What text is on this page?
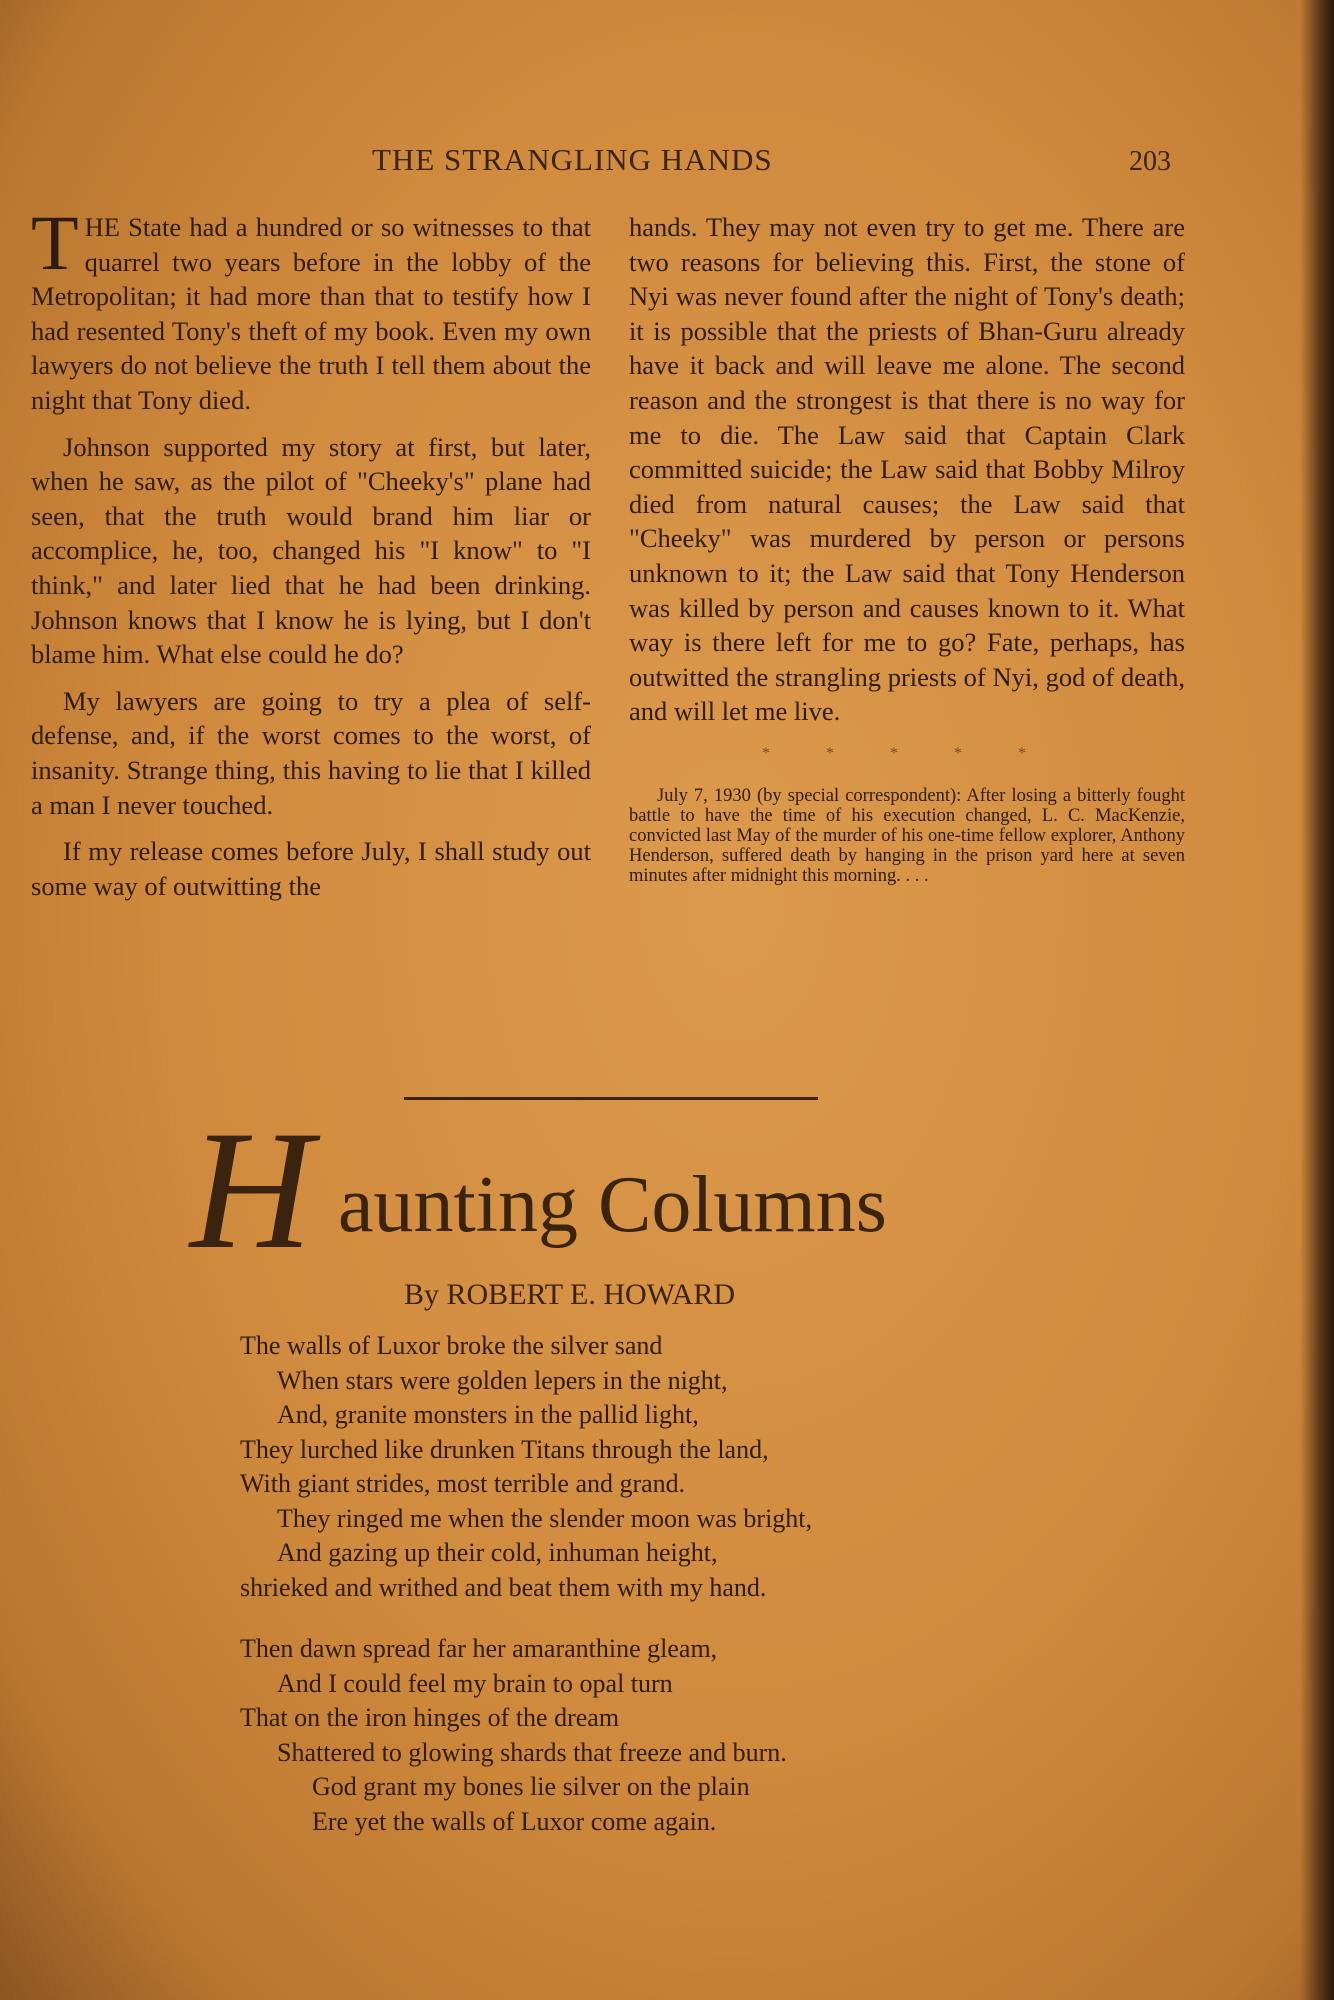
THE STRANGLING HANDS	203

THE State had a hundred or so witnesses to that quarrel two years before in the lobby of the Metropolitan; it had more than that to testify how I had resented Tony's theft of my book. Even my own lawyers do not believe the truth I tell them about the night that Tony died.

Johnson supported my story at first, but later, when he saw, as the pilot of "Cheeky's" plane had seen, that the truth would brand him liar or accomplice, he, too, changed his "I know" to "I think," and later lied that he had been drinking. Johnson knows that I know he is lying, but I don't blame him. What else could he do?

My lawyers are going to try a plea of self-defense, and, if the worst comes to the worst, of insanity. Strange thing, this having to lie that I killed a man I never touched.

If my release comes before July, I shall study out some way of outwitting the

hands. They may not even try to get me. There are two reasons for believing this. First, the stone of Nyi was never found after the night of Tony's death; it is possible that the priests of Bhan-Guru already have it back and will leave me alone. The second reason and the strongest is that there is no way for me to die. The Law said that Captain Clark committed suicide; the Law said that Bobby Milroy died from natural causes; the Law said that "Cheeky" was murdered by person or persons unknown to it; the Law said that Tony Henderson was killed by person and causes known to it. What way is there left for me to go? Fate, perhaps, has outwitted the strangling priests of Nyi, god of death, and will let me live.

* * * * *

July 7, 1930 (by special correspondent): After losing a bitterly fought battle to have the time of his execution changed, L. C. MacKenzie, convicted last May of the murder of his one-time fellow explorer, Anthony Henderson, suffered death by hanging in the prison yard here at seven minutes after midnight this morning. . . .

H aunting Columns
By ROBERT E. HOWARD
The walls of Luxor broke the silver sand
When stars were golden lepers in the night,
And, granite monsters in the pallid light,
They lurched like drunken Titans through the land,
With giant strides, most terrible and grand.
They ringed me when the slender moon was bright,
And gazing up their cold, inhuman height,
shrieked and writhed and beat them with my hand.
Then dawn spread far her amaranthine gleam,
And I could feel my brain to opal turn
That on the iron hinges of the dream
Shattered to glowing shards that freeze and burn.
God grant my bones lie silver on the plain
Ere yet the walls of Luxor come again.
